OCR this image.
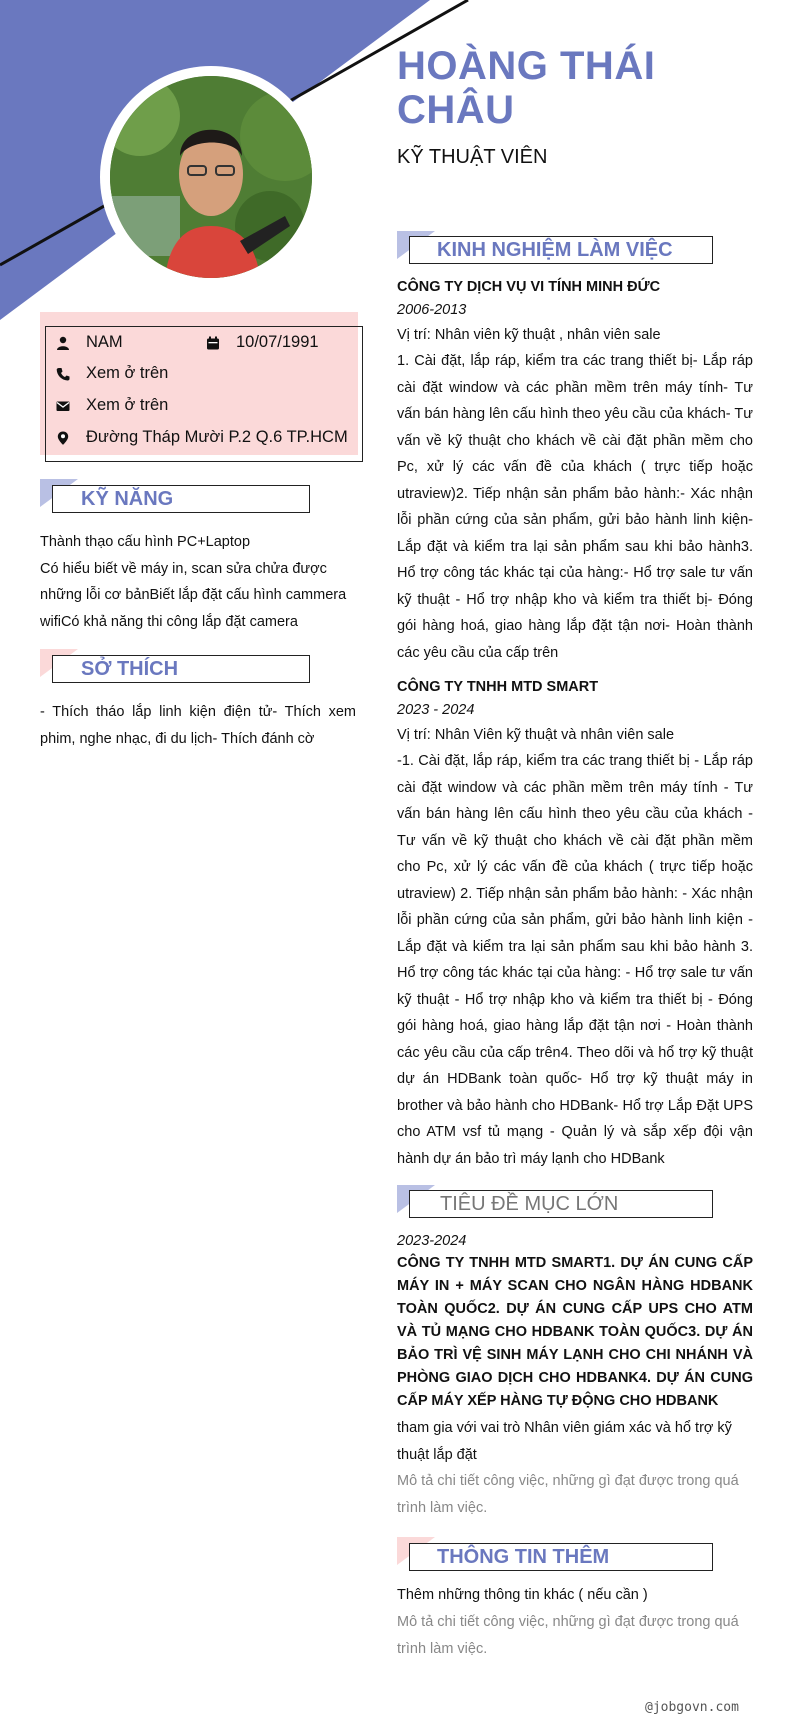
HOÀNG THÁI
CHÂU
KỸ THUẬT VIÊN
NAM	10/07/1991
Xem ở trên
Xem ở trên
Đường Tháp Mười P.2 Q.6 TP.HCM
KỸ NĂNG
Thành thạo cấu hình PC+Laptop
Có hiểu biết về máy in, scan sửa chửa được những lỗi cơ bảnBiết lắp đặt cấu hình cammera wifiCó khả năng thi công lắp đặt camera
SỞ THÍCH
- Thích tháo lắp linh kiện điện tử- Thích xem phim, nghe nhạc, đi du lịch- Thích đánh cờ
KINH NGHIỆM LÀM VIỆC
CÔNG TY DỊCH VỤ VI TÍNH MINH ĐỨC
2006-2013
Vị trí: Nhân viên kỹ thuật , nhân viên sale
1. Cài đặt, lắp ráp, kiểm tra các trang thiết bị- Lắp ráp cài đặt window và các phần mềm trên máy tính- Tư vấn bán hàng lên cấu hình theo yêu cầu của khách- Tư vấn về kỹ thuật cho khách về cài đặt phần mềm cho Pc, xử lý các vấn đề của khách ( trực tiếp hoặc utraview)2. Tiếp nhận sản phẩm bảo hành:- Xác nhận lỗi phần cứng của sản phẩm, gửi bảo hành linh kiện- Lắp đặt và kiểm tra lại sản phẩm sau khi bảo hành3. Hổ trợ công tác khác tại của hàng:- Hổ trợ sale tư vấn kỹ thuật - Hổ trợ nhập kho và kiểm tra thiết bị- Đóng gói hàng hoá, giao hàng lắp đặt tận nơi- Hoàn thành các yêu cầu của cấp trên
CÔNG TY TNHH MTD SMART
2023 - 2024
Vị trí: Nhân Viên kỹ thuật và nhân viên sale
-1. Cài đặt, lắp ráp, kiểm tra các trang thiết bị - Lắp ráp cài đặt window và các phần mềm trên máy tính - Tư vấn bán hàng lên cấu hình theo yêu cầu của khách - Tư vấn về kỹ thuật cho khách về cài đặt phần mềm cho Pc, xử lý các vấn đề của khách ( trực tiếp hoặc utraview) 2. Tiếp nhận sản phẩm bảo hành: - Xác nhận lỗi phần cứng của sản phẩm, gửi bảo hành linh kiện - Lắp đặt và kiểm tra lại sản phẩm sau khi bảo hành 3. Hổ trợ công tác khác tại của hàng: - Hổ trợ sale tư vấn kỹ thuật - Hổ trợ nhập kho và kiểm tra thiết bị - Đóng gói hàng hoá, giao hàng lắp đặt tận nơi - Hoàn thành các yêu cầu của cấp trên4. Theo dõi và hổ trợ kỹ thuật dự án HDBank toàn quốc- Hổ trợ kỹ thuật máy in brother và bảo hành cho HDBank- Hổ trợ Lắp Đặt UPS cho ATM vsf tủ mạng - Quản lý và sắp xếp đội vận hành dự án bảo trì máy lạnh cho HDBank
TIÊU ĐỀ MỤC LỚN
2023-2024
CÔNG TY TNHH MTD SMART1. DỰ ÁN CUNG CẤP MÁY IN + MÁY SCAN CHO NGÂN HÀNG HDBANK TOÀN QUỐC2. DỰ ÁN CUNG CẤP UPS CHO ATM VÀ TỦ MẠNG CHO HDBANK TOÀN QUỐC3. DỰ ÁN BẢO TRÌ VỆ SINH MÁY LẠNH CHO CHI NHÁNH VÀ PHÒNG GIAO DỊCH CHO HDBANK4. DỰ ÁN CUNG CẤP MÁY XẾP HÀNG TỰ ĐỘNG CHO HDBANK
tham gia với vai trò Nhân viên giám xác và hổ trợ kỹ thuật lắp đặt
Mô tả chi tiết công việc, những gì đạt được trong quá trình làm việc.
THÔNG TIN THÊM
Thêm những thông tin khác ( nếu cần )
Mô tả chi tiết công việc, những gì đạt được trong quá trình làm việc.
@jobgovn.com
